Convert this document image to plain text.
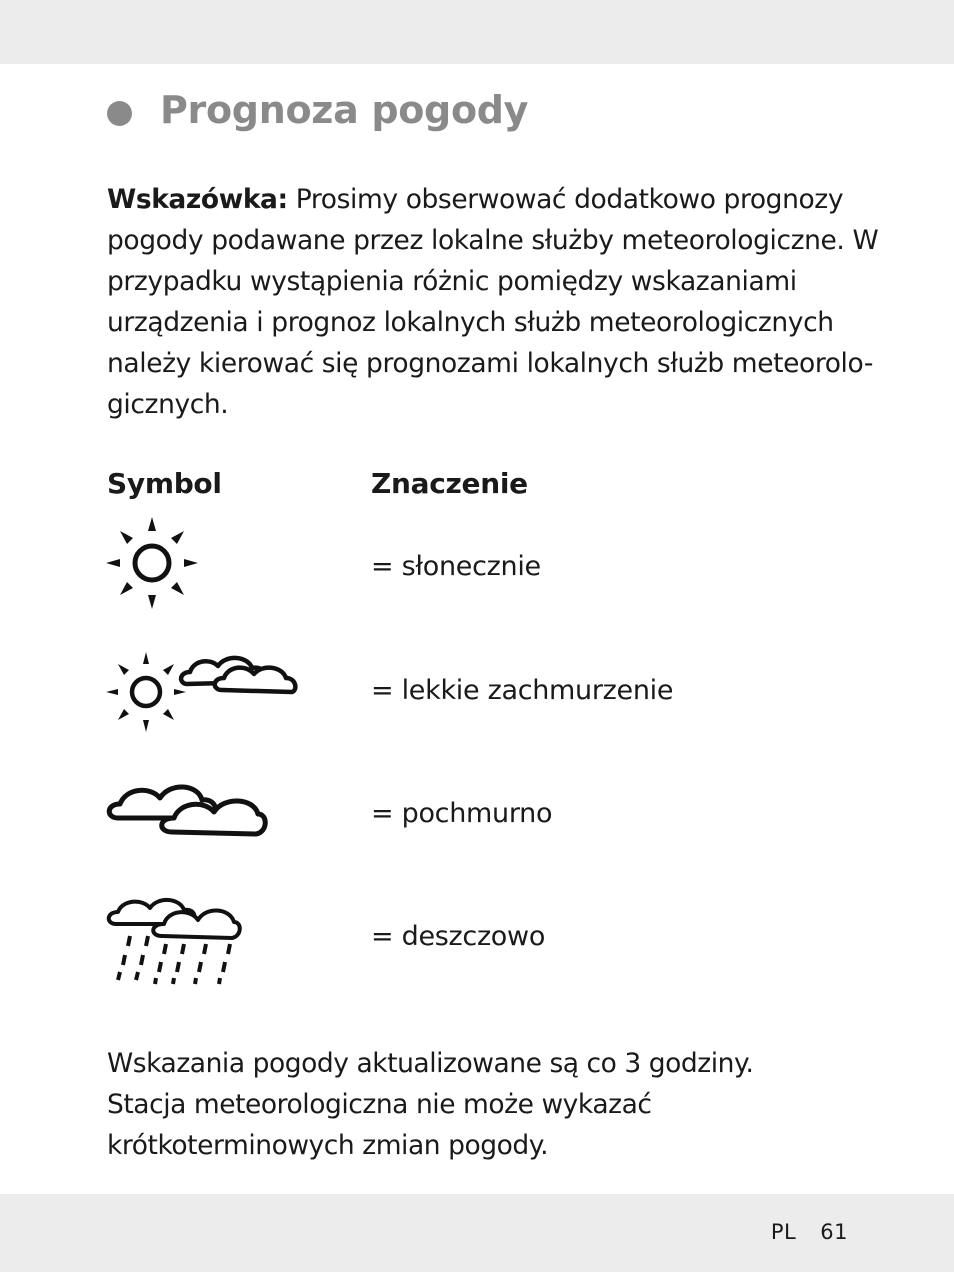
Prognoza pogody

Wskazówka: Prosimy obserwować dodatkowo prognozy pogody podawane przez lokalne służby meteorologiczne. W przypadku wystąpienia różnic pomiędzy wskazaniami urządzenia i prognoz lokalnych służb meteorologicznych należy kierować się prognozami lokalnych służb meteorolo-gicznych.

Symbol	Znaczenie
= słonecznie
= lekkie zachmurzenie
= pochmurno
= deszczowo
Wskazania pogody aktualizowane są co 3 godziny.
Stacja meteorologiczna nie może wykazać krótkoterminowych zmian pogody.
PL 61
